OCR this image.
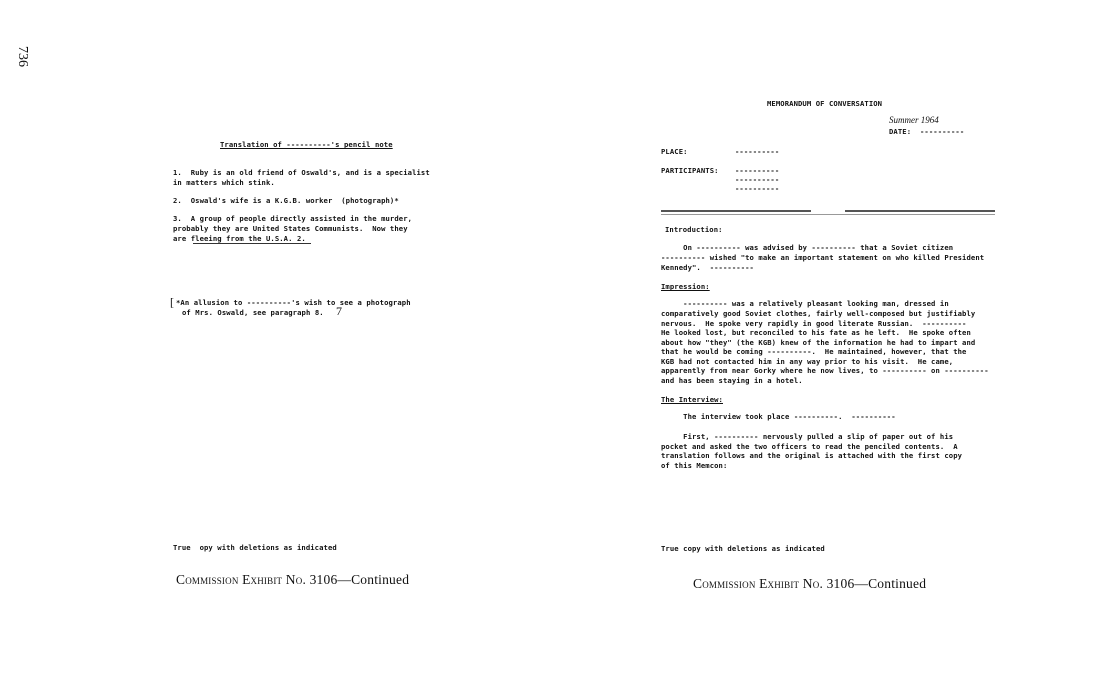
736
Translation of ----------'s pencil note
1.  Ruby is an old friend of Oswald's, and is a specialist
in matters which stink.
2.  Oswald's wife is a K.G.B. worker  (photograph)*
3.  A group of people directly assisted in the murder,
probably they are United States Communists.  Now they
are fleeing from the U.S.A. 2.
[ *An allusion to ----------'s wish to see a photograph
of Mrs. Oswald, see paragraph 8. 7
True  opy with deletions as indicated
Commission Exhibit No. 3106—Continued
MEMORANDUM OF CONVERSATION
Summer 1964
DATE:  ----------
PLACE:	----------
PARTICIPANTS: ----------
----------
----------
Introduction:
On ---------- was advised by ---------- that a Soviet citizen
---------- wished "to make an important statement on who killed President
Kennedy".  ----------
Impression:
---------- was a relatively pleasant looking man, dressed in
comparatively good Soviet clothes, fairly well-composed but justifiably
nervous.  He spoke very rapidly in good literate Russian.  ----------
He looked lost, but reconciled to his fate as he left.  He spoke often
about how "they" (the KGB) knew of the information he had to impart and
that he would be coming ----------.  He maintained, however, that the
KGB had not contacted him in any way prior to his visit.  He came,
apparently from near Gorky where he now lives, to ---------- on ----------
and has been staying in a hotel.
The Interview:
The interview took place ----------.  ----------
First, ---------- nervously pulled a slip of paper out of his
pocket and asked the two officers to read the penciled contents.  A
translation follows and the original is attached with the first copy
of this Memcon:
True copy with deletions as indicated
Commission Exhibit No. 3106—Continued
